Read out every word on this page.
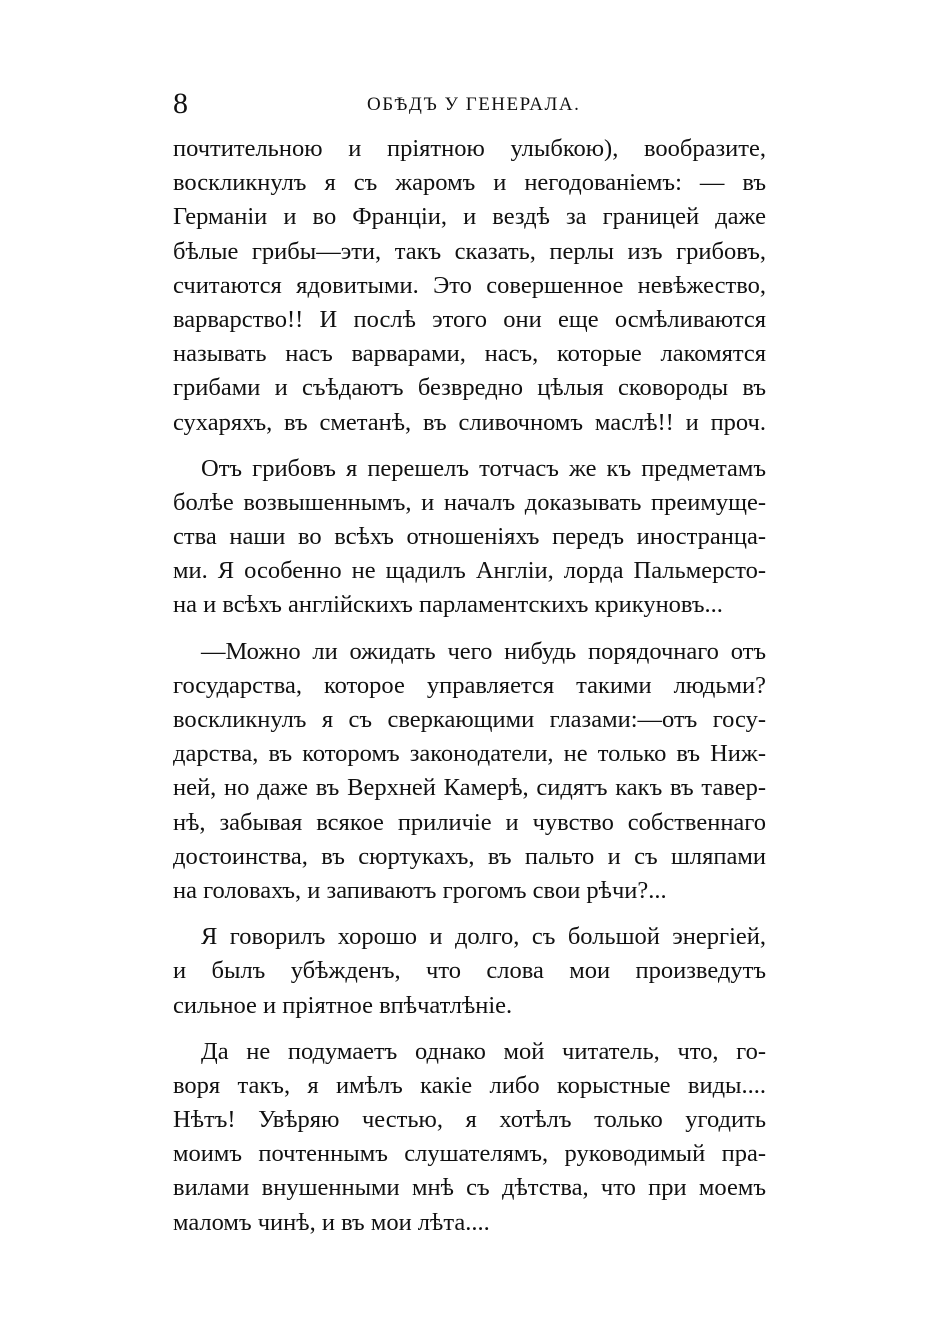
8	ОБѢДЪ У ГЕНЕРАЛА.
почтительною и пріятною улыбкою), вообразите,
воскликнулъ я съ жаромъ и негодованіемъ: — въ
Германіи и во Франціи, и вездѣ за границей даже
бѣлые грибы—эти, такъ сказать, перлы изъ грибовъ,
считаются ядовитыми. Это совершенное невѣжество,
варварство!! И послѣ этого они еще осмѣливаются
называть насъ варварами, насъ, которые лакомятся
грибами и съѣдаютъ безвредно цѣлыя сковороды въ
сухаряхъ, въ сметанѣ, въ сливочномъ маслѣ!! и проч.
Отъ грибовъ я перешелъ тотчасъ же къ предметамъ
болѣе возвышеннымъ, и началъ доказывать преимуще-
ства наши во всѣхъ отношеніяхъ передъ иностранца-
ми. Я особенно не щадилъ Англіи, лорда Пальмерсто-
на и всѣхъ англійскихъ парламентскихъ крикуновъ...
—Можно ли ожидать чего нибудь порядочнаго отъ
государства, которое управляется такими людьми?
воскликнулъ я съ сверкающими глазами:—отъ госу-
дарства, въ которомъ законодатели, не только въ Ниж-
ней, но даже въ Верхней Камерѣ, сидятъ какъ въ тавер-
нѣ, забывая всякое приличіе и чувство собственнаго
достоинства, въ сюртукахъ, въ пальто и съ шляпами
на головахъ, и запиваютъ грогомъ свои рѣчи?...
Я говорилъ хорошо и долго, съ большой энергіей,
и былъ убѣжденъ, что слова мои произведутъ
сильное и пріятное впѣчатлѣніе.
Да не подумаетъ однако мой читатель, что, го-
воря такъ, я имѣлъ какіе либо корыстные виды....
Нѣтъ! Увѣряю честью, я хотѣлъ только угодить
моимъ почтеннымъ слушателямъ, руководимый пра-
вилами внушенными мнѣ съ дѣтства, что при моемъ
маломъ чинѣ, и въ мои лѣта....
